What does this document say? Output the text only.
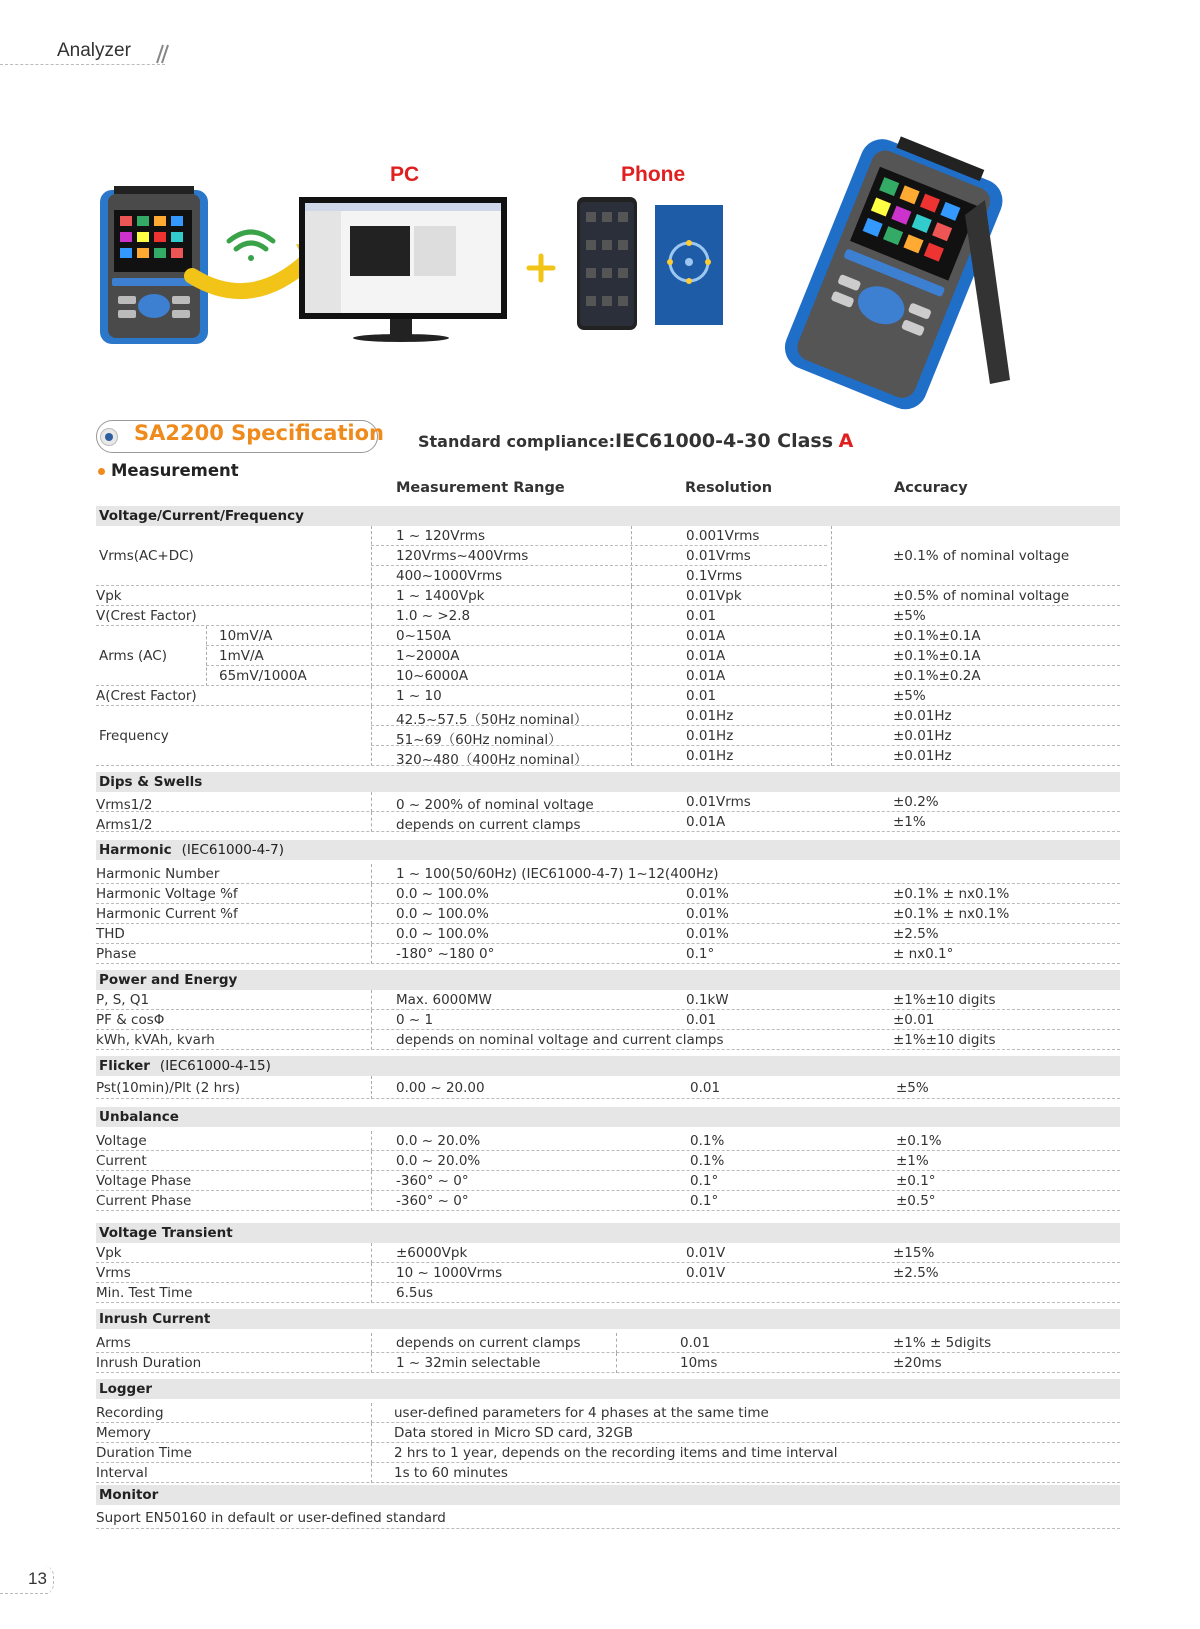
Analyzer
PC	Phone
SA2200 Specification Standard compliance:IEC61000-4-30 Class A
Measurement
Measurement Range	Resolution	Accuracy
Voltage/Current/Frequency
Vrms(AC+DC)
1 ~ 120Vrms	0.001Vrms
120Vrms~400Vrms	0.01Vrms	±0.1% of nominal voltage
400~1000Vrms	0.1Vrms
Vpk	1 ~ 1400Vpk	0.01Vpk	±0.5% of nominal voltage
V(Crest Factor)	1.0 ~ >2.8	0.01	±5%
Arms (AC)
10mV/A	0~150A	0.01A	±0.1%±0.1A
1mV/A	1~2000A	0.01A	±0.1%±0.1A
65mV/1000A	10~6000A	0.01A	±0.1%±0.2A
A(Crest Factor)	1 ~ 10	0.01	±5%
Frequency
42.5~57.5（50Hz nominal）	0.01Hz	±0.01Hz
51~69（60Hz nominal）	0.01Hz	±0.01Hz
320~480（400Hz nominal）	0.01Hz	±0.01Hz
Dips & Swells
Vrms1/2	0 ~ 200% of nominal voltage	0.01Vrms	±0.2%
Arms1/2	depends on current clamps	0.01A	±1%
Harmonic (IEC61000-4-7)
Harmonic Number	1 ~ 100(50/60Hz) (IEC61000-4-7) 1~12(400Hz)
Harmonic Voltage %f	0.0 ~ 100.0%	0.01%	±0.1% ± nx0.1%
Harmonic Current %f	0.0 ~ 100.0%	0.01%	±0.1% ± nx0.1%
THD	0.0 ~ 100.0%	0.01%	±2.5%
Phase	-180° ~180 0°	0.1°	± nx0.1°
Power and Energy
P, S, Q1	Max. 6000MW	0.1kW	±1%±10 digits
PF & cosΦ	0 ~ 1	0.01	±0.01
kWh, kVAh, kvarh	depends on nominal voltage and current clamps	±1%±10 digits
Flicker (IEC61000-4-15)
Pst(10min)/Plt (2 hrs)	0.00 ~ 20.00	0.01	±5%
Unbalance
Voltage	0.0 ~ 20.0%	0.1%	±0.1%
Current	0.0 ~ 20.0%	0.1%	±1%
Voltage Phase	-360° ~ 0°	0.1°	±0.1°
Current Phase	-360° ~ 0°	0.1°	±0.5°
Voltage Transient
Vpk	±6000Vpk	0.01V	±15%
Vrms	10 ~ 1000Vrms	0.01V	±2.5%
Min. Test Time	6.5us
Inrush Current
Arms	depends on current clamps	0.01	±1% ± 5digits
Inrush Duration	1 ~ 32min selectable	10ms	±20ms
Logger
Recording	user-defined parameters for 4 phases at the same time
Memory	Data stored in Micro SD card, 32GB
Duration Time	2 hrs to 1 year, depends on the recording items and time interval
Interval	1s to 60 minutes
Monitor
Suport EN50160 in default or user-defined standard
13
